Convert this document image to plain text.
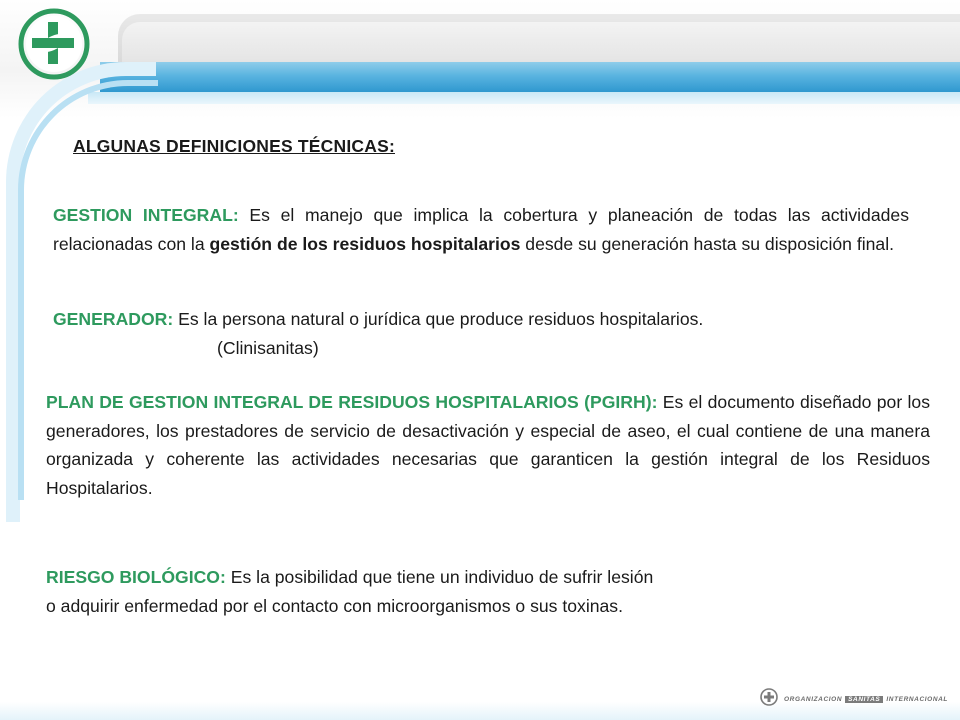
ALGUNAS DEFINICIONES TÉCNICAS:

GESTION INTEGRAL: Es el manejo que implica la cobertura y planeación de todas las actividades relacionadas con la gestión de los residuos hospitalarios desde su generación hasta su disposición final.

GENERADOR: Es la persona natural o jurídica que produce residuos hospitalarios.
(Clinisanitas)

PLAN DE GESTION INTEGRAL DE RESIDUOS HOSPITALARIOS (PGIRH): Es el documento diseñado por los generadores, los prestadores de servicio de desactivación y especial de aseo, el cual contiene de una manera organizada y coherente las actividades necesarias que garanticen la gestión integral de los Residuos Hospitalarios.

RIESGO BIOLÓGICO: Es la posibilidad que tiene un individuo de sufrir lesión
o adquirir enfermedad por el contacto con microorganismos o sus toxinas.

ORGANIZACION SANITAS INTERNACIONAL
